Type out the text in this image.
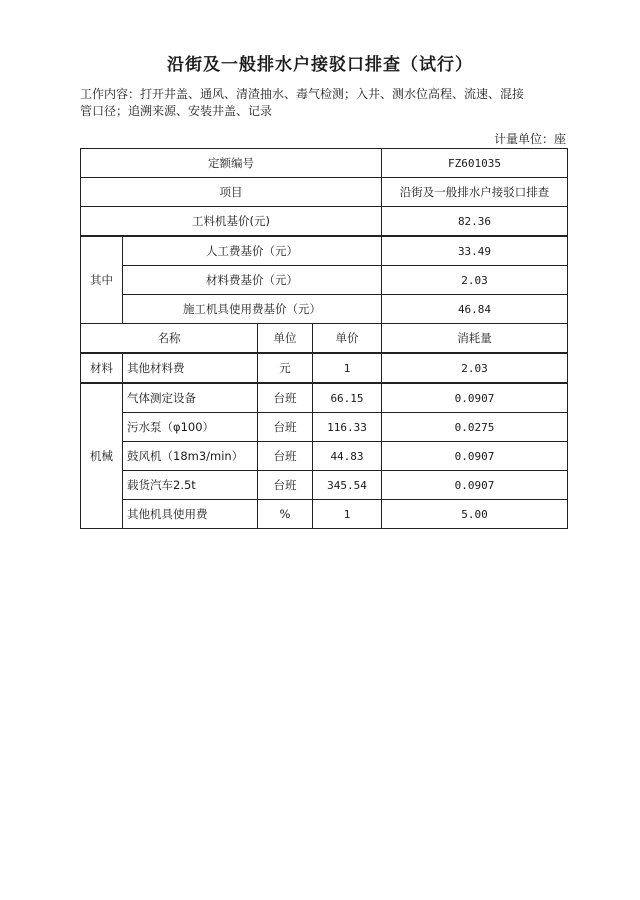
沿街及一般排水户接驳口排查（试行）
工作内容：打开井盖、通风、清渣抽水、毒气检测；入井、测水位高程、流速、混接
管口径；追溯来源、安装井盖、记录
计量单位：座
定额编号				FZ601035
项目				沿街及一般排水户接驳口排查
工料机基价(元)				82.36
其中	人工费基价（元）			33.49
	材料费基价（元）			2.03
	施工机具使用费基价（元）			46.84
名称		单位	单价	消耗量
材料	其他材料费	元	1	2.03
机械	气体测定设备	台班	66.15	0.0907
	污水泵（φ100）	台班	116.33	0.0275
	鼓风机（18m3/min）	台班	44.83	0.0907
	载货汽车2.5t	台班	345.54	0.0907
	其他机具使用费	%	1	5.00
